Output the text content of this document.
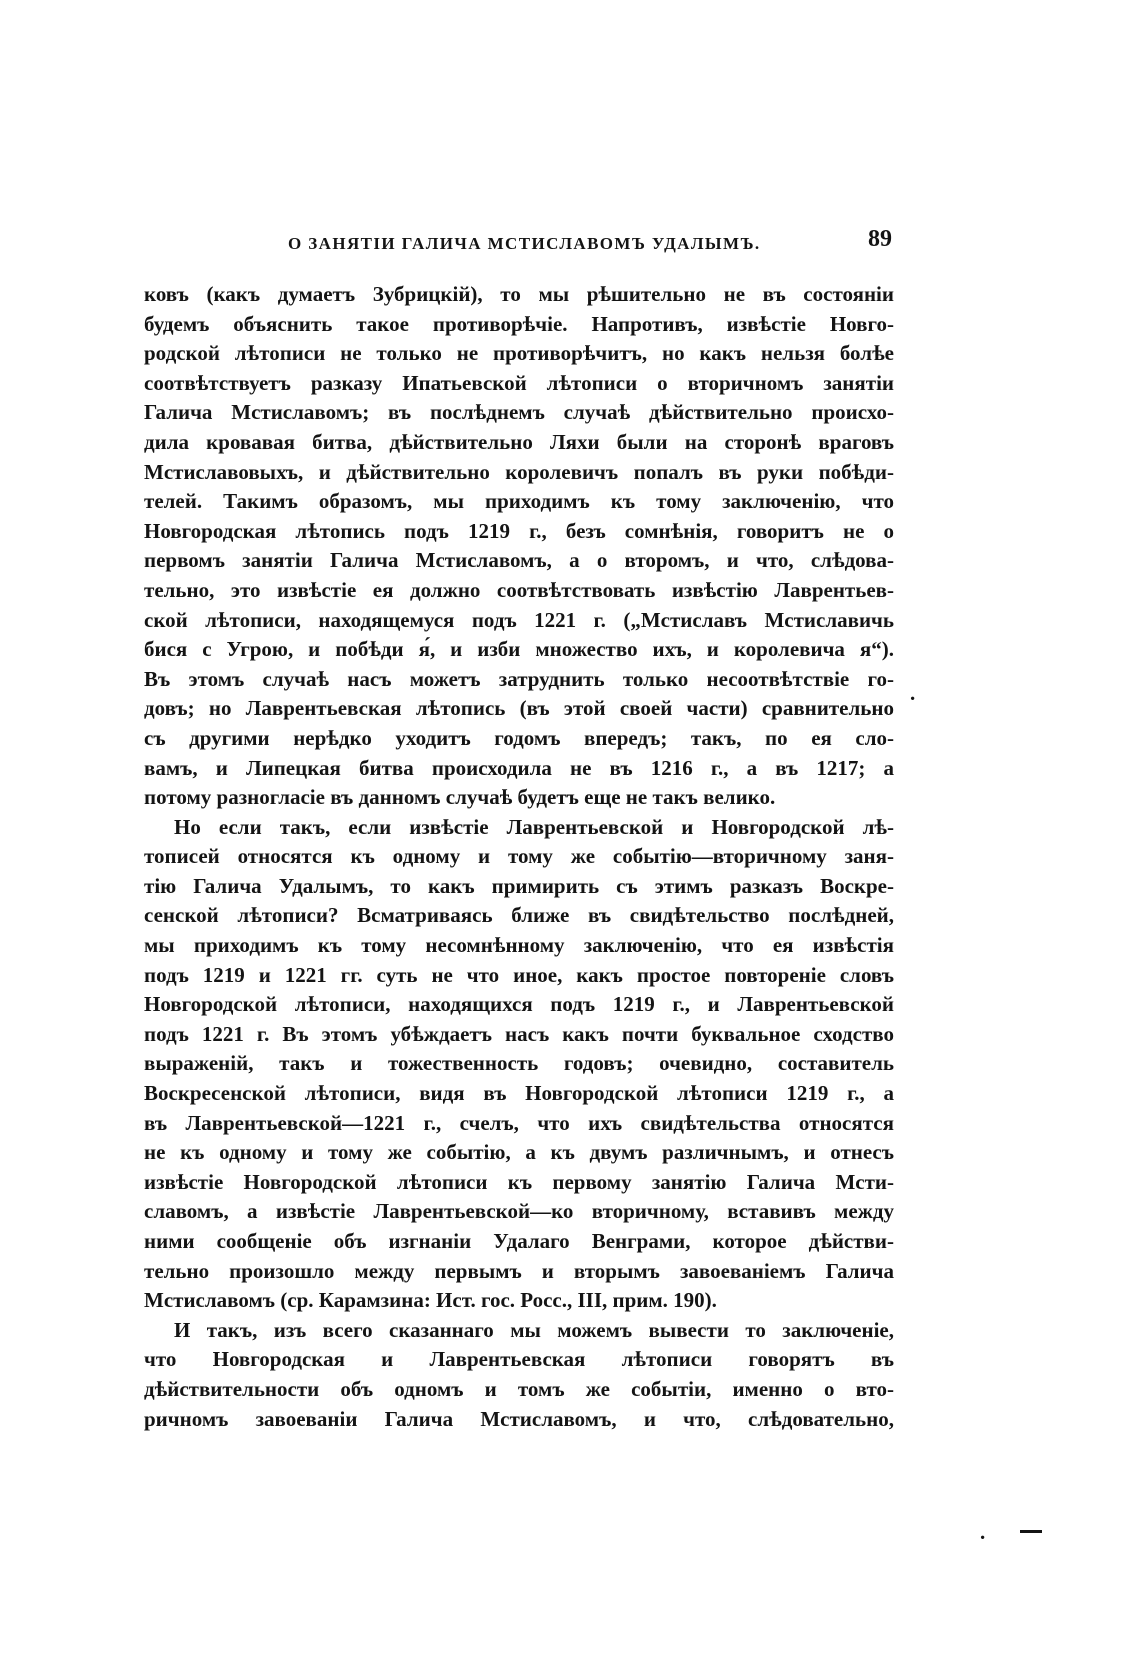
О ЗАНЯТІИ ГАЛИЧА МСТИСЛАВОМЪ УДАЛЫМЪ.	89
ковъ (какъ думаетъ Зубрицкій), то мы рѣшительно не въ состояніи
будемъ объяснить такое противорѣчіе. Напротивъ, извѣстіе Новго-
родской лѣтописи не только не противорѣчитъ, но какъ нельзя болѣе
соотвѣтствуетъ разказу Ипатьевской лѣтописи о вторичномъ занятіи
Галича Мстиславомъ; въ послѣднемъ случаѣ дѣйствительно происхо-
дила кровавая битва, дѣйствительно Ляхи были на сторонѣ враговъ
Мстиславовыхъ, и дѣйствительно королевичъ попалъ въ руки побѣди-
телей. Такимъ образомъ, мы приходимъ къ тому заключенію, что
Новгородская лѣтопись подъ 1219 г., безъ сомнѣнія, говоритъ не о
первомъ занятіи Галича Мстиславомъ, а о второмъ, и что, слѣдова-
тельно, это извѣстіе ея должно соотвѣтствовать извѣстію Лаврентьев-
ской лѣтописи, находящемуся подъ 1221 г. („Мстиславъ Мстиславичь
бися с Угрою, и побѣди я́, и изби множество ихъ, и королевича я“).
Въ этомъ случаѣ насъ можетъ затруднить только несоотвѣтствіе го-
довъ; но Лаврентьевская лѣтопись (въ этой своей части) сравнительно
съ другими нерѣдко уходитъ годомъ впередъ; такъ, по ея сло-
вамъ, и Липецкая битва происходила не въ 1216 г., а въ 1217; а
потому разногласіе въ данномъ случаѣ будетъ еще не такъ велико.
Но если такъ, если извѣстіе Лаврентьевской и Новгородской лѣ-
тописей относятся къ одному и тому же событію—вторичному заня-
тію Галича Удалымъ, то какъ примирить съ этимъ разказъ Воскре-
сенской лѣтописи? Всматриваясь ближе въ свидѣтельство послѣдней,
мы приходимъ къ тому несомнѣнному заключенію, что ея извѣстія
подъ 1219 и 1221 гг. суть не что иное, какъ простое повтореніе словъ
Новгородской лѣтописи, находящихся подъ 1219 г., и Лаврентьевской
подъ 1221 г. Въ этомъ убѣждаетъ насъ какъ почти буквальное сходство
выраженій, такъ и тожественность годовъ; очевидно, составитель
Воскресенской лѣтописи, видя въ Новгородской лѣтописи 1219 г., а
въ Лаврентьевской—1221 г., счелъ, что ихъ свидѣтельства относятся
не къ одному и тому же событію, а къ двумъ различнымъ, и отнесъ
извѣстіе Новгородской лѣтописи къ первому занятію Галича Мсти-
славомъ, а извѣстіе Лаврентьевской—ко вторичному, вставивъ между
ними сообщеніе объ изгнаніи Удалаго Венграми, которое дѣйстви-
тельно произошло между первымъ и вторымъ завоеваніемъ Галича
Мстиславомъ (ср. Карамзина: Ист. гос. Росс., III, прим. 190).
И такъ, изъ всего сказаннаго мы можемъ вывести то заключеніе,
что Новгородская и Лаврентьевская лѣтописи говорятъ въ
дѣйствительности объ одномъ и томъ же событіи, именно о вто-
ричномъ завоеваніи Галича Мстиславомъ, и что, слѣдовательно,
.
.
